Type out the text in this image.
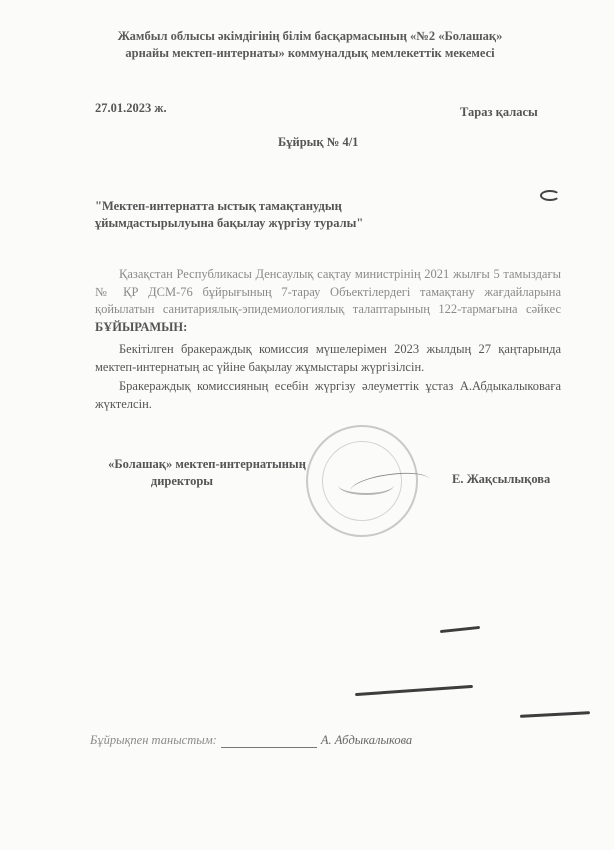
Жамбыл облысы әкімдігінің білім басқармасының «№2 «Болашақ»
арнайы мектеп-интернаты» коммуналдық мемлекеттік мекемесі
27.01.2023 ж.	Тараз қаласы
Бұйрық № 4/1
"Мектеп-интернатта ыстық тамақтанудың
ұйымдастырылуына бақылау жүргізу туралы"
Қазақстан Республикасы Денсаулық сақтау министрінің 2021 жылғы 5 тамыздағы № ҚР ДСМ-76 бұйрығының 7-тарау Объектілердегі тамақтану жағдайларына қойылатын санитариялық-эпидемиологиялық талаптарының 122-тармағына сәйкес БҰЙЫРАМЫН:
Бекітілген бракераждық комиссия мүшелерімен 2023 жылдың 27 қаңтарында мектеп-интернатың ас үйіне бақылау жұмыстары жүргізілсін.
Бракераждық комиссияның есебін жүргізу әлеуметтік ұстаз А.Абдыкалыковаға жүктелсін.
«Болашақ» мектеп-интернатының
директоры	Е. Жақсылықова
Бұйрықпен таныстым:	А. Абдыкалыкова
